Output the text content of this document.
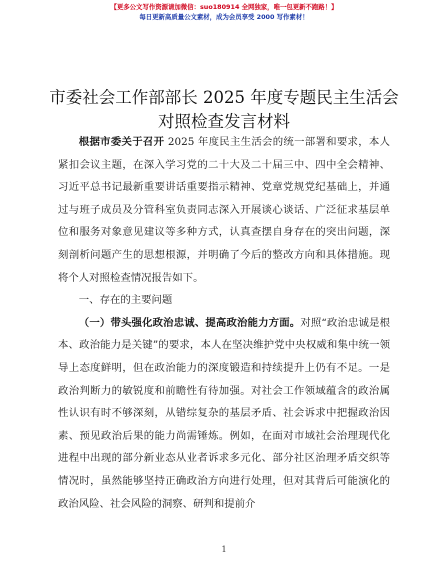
【更多公文写作资源请加微信：suo180914 全网独家，唯一包更新不跑路！】
每日更新高质量公文素材，成为会员享受 2000 写作素材！
市委社会工作部部长 2025 年度专题民主生活会
对照检查发言材料

根据市委关于召开 2025 年度民主生活会的统一部署和要求，本人紧扣会议主题，在深入学习党的二十大及二十届三中、四中全会精神、习近平总书记最新重要讲话重要指示精神、党章党规党纪基础上，并通过与班子成员及分管科室负责同志深入开展谈心谈话、广泛征求基层单位和服务对象意见建议等多种方式，认真查摆自身存在的突出问题，深刻剖析问题产生的思想根源，并明确了今后的整改方向和具体措施。现将个人对照检查情况报告如下。

一、存在的主要问题

（一）带头强化政治忠诚、提高政治能力方面。对照“政治忠诚是根本、政治能力是关键”的要求，本人在坚决维护党中央权威和集中统一领导上态度鲜明，但在政治能力的深度锻造和持续提升上仍有不足。一是政治判断力的敏锐度和前瞻性有待加强。对社会工作领域蕴含的政治属性认识有时不够深刻，从错综复杂的基层矛盾、社会诉求中把握政治因素、预见政治后果的能力尚需锤炼。例如，在面对市域社会治理现代化进程中出现的部分新业态从业者诉求多元化、部分社区治理矛盾交织等情况时，虽然能够坚持正确政治方向进行处理，但对其背后可能演化的政治风险、社会风险的洞察、研判和提前介

1
